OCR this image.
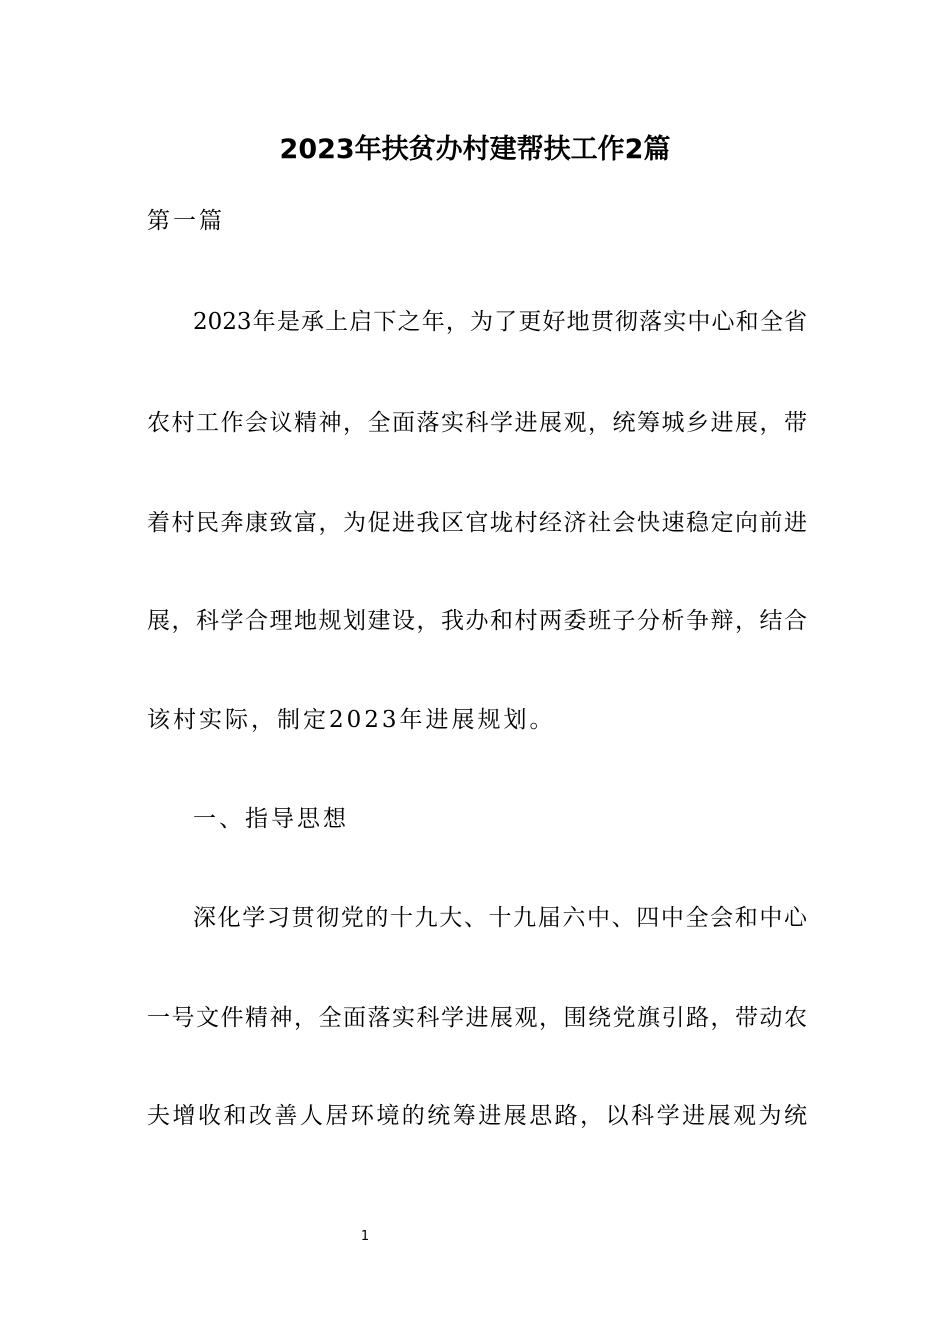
2023年扶贫办村建帮扶工作2篇

第一篇

2023年是承上启下之年，为了更好地贯彻落实中心和全省

农村工作会议精神，全面落实科学进展观，统筹城乡进展，带

着村民奔康致富，为促进我区官垅村经济社会快速稳定向前进

展，科学合理地规划建设，我办和村两委班子分析争辩，结合

该村实际，制定2023年进展规划。

一、指导思想

深化学习贯彻党的十九大、十九届六中、四中全会和中心

一号文件精神，全面落实科学进展观，围绕党旗引路，带动农

夫增收和改善人居环境的统筹进展思路，以科学进展观为统

1
